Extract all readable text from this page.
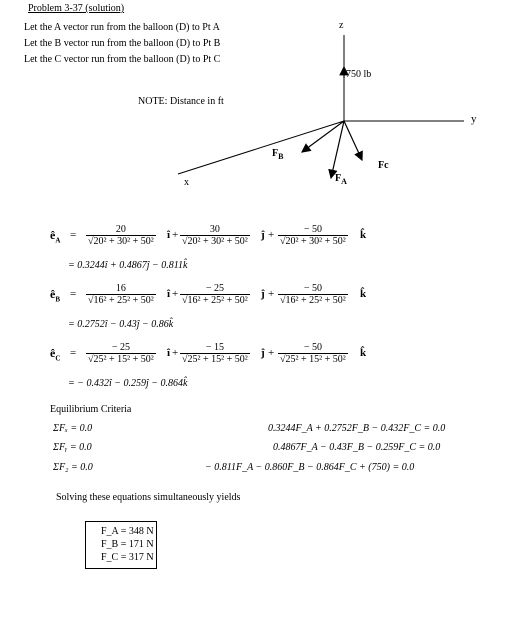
Problem 3-37 (solution)
Let the A vector run from the balloon (D) to Pt A
Let the B vector run from the balloon (D) to Pt B
Let the C vector run from the balloon (D) to Pt C
NOTE: Distance in ft
z
y
x
750 lb
$F_B$
$F_A$
Fc
$ê_A = \frac{20}{\text{√20² + 30² + 50²}}$ î + $\frac{30}{\text{√20² + 30² + 50²}}$ ĵ + $\frac{- 50}{\text{√20² + 30² + 50²}}$ k̂
= 0.3244î + 0.4867ĵ − 0.811k̂
$ê_B = \frac{16}{\text{√16² + 25² + 50²}}$ î + $\frac{- 25}{\text{√16² + 25² + 50²}}$ ĵ + $\frac{- 50}{\text{√16² + 25² + 50²}}$ k̂
= 0.2752î − 0.43ĵ − 0.86k̂
$ê_C = \frac{- 25}{\text{√25² + 15² + 50²}}$ î + $\frac{- 15}{\text{√25² + 15² + 50²}}$ ĵ + $\frac{- 50}{\text{√25² + 15² + 50²}}$ k̂
= − 0.432î − 0.259ĵ − 0.864k̂
Equilibrium Criteria
ΣFₓ = 0.0
ΣFᵧ = 0.0
ΣF₂ = 0.0
0.3244F_A + 0.2752F_B − 0.432F_C = 0.0
0.4867F_A − 0.43F_B − 0.259F_C = 0.0
− 0.811F_A − 0.860F_B − 0.864F_C + (750) = 0.0
Solving these equations simultaneously yields
F_A = 348 N
F_B = 171 N
F_C = 317 N
